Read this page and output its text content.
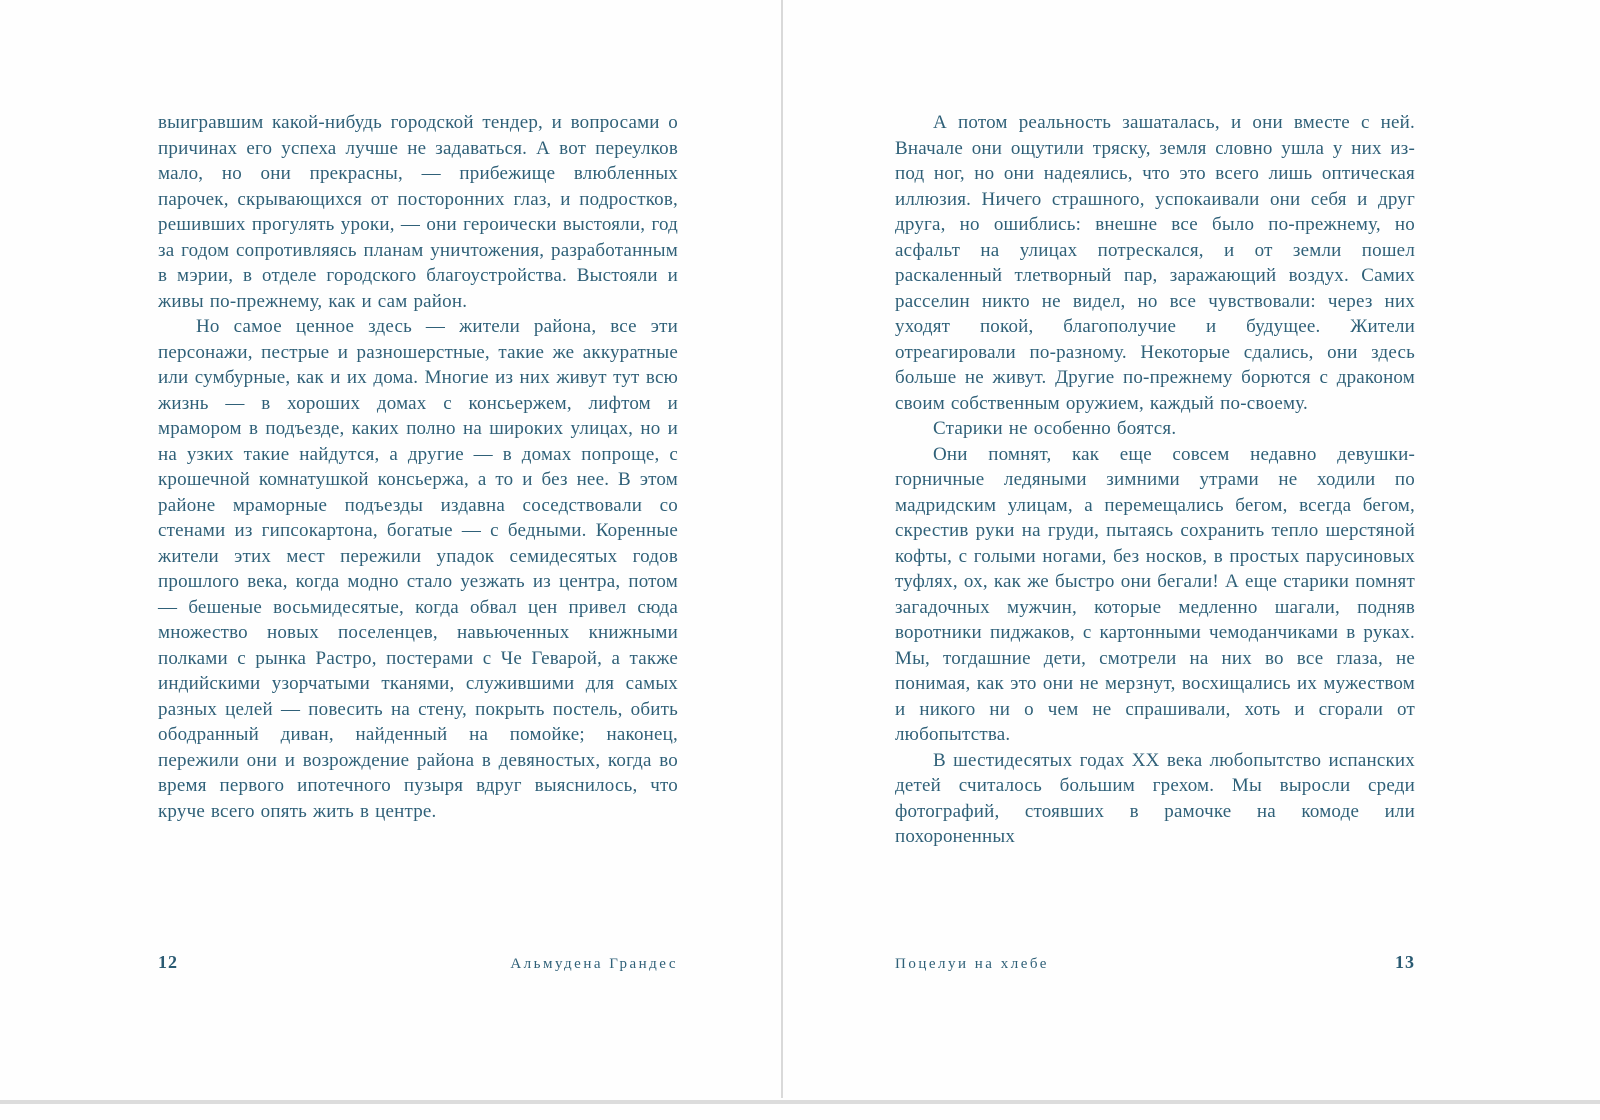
выигравшим какой-нибудь городской тендер, и вопросами о причинах его успеха лучше не задаваться. А вот переулков мало, но они прекрасны, — прибежище влюбленных парочек, скрывающихся от посторонних глаз, и подростков, решивших прогулять уроки, — они героически выстояли, год за годом сопротивляясь планам уничтожения, разработанным в мэрии, в отделе городского благоустройства. Выстояли и живы по-прежнему, как и сам район.

Но самое ценное здесь — жители района, все эти персонажи, пестрые и разношерстные, такие же аккуратные или сумбурные, как и их дома. Многие из них живут тут всю жизнь — в хороших домах с консьержем, лифтом и мрамором в подъезде, каких полно на широких улицах, но и на узких такие найдутся, а другие — в домах попроще, с крошечной комнатушкой консьержа, а то и без нее. В этом районе мраморные подъезды издавна соседствовали со стенами из гипсокартона, богатые — с бедными. Коренные жители этих мест пережили упадок семидесятых годов прошлого века, когда модно стало уезжать из центра, потом — бешеные восьмидесятые, когда обвал цен привел сюда множество новых поселенцев, навьюченных книжными полками с рынка Растро, постерами с Че Геварой, а также индийскими узорчатыми тканями, служившими для самых разных целей — повесить на стену, покрыть постель, обить ободранный диван, найденный на помойке; наконец, пережили они и возрождение района в девяностых, когда во время первого ипотечного пузыря вдруг выяснилось, что круче всего опять жить в центре.

А потом реальность зашаталась, и они вместе с ней. Вначале они ощутили тряску, земля словно ушла у них из-под ног, но они надеялись, что это всего лишь оптическая иллюзия. Ничего страшного, успокаивали они себя и друг друга, но ошиблись: внешне все было по-прежнему, но асфальт на улицах потрескался, и от земли пошел раскаленный тлетворный пар, заражающий воздух. Самих расселин никто не видел, но все чувствовали: через них уходят покой, благополучие и будущее. Жители отреагировали по-разному. Некоторые сдались, они здесь больше не живут. Другие по-прежнему борются с драконом своим собственным оружием, каждый по-своему.

Старики не особенно боятся.

Они помнят, как еще совсем недавно девушки-горничные ледяными зимними утрами не ходили по мадридским улицам, а перемещались бегом, всегда бегом, скрестив руки на груди, пытаясь сохранить тепло шерстяной кофты, с голыми ногами, без носков, в простых парусиновых туфлях, ох, как же быстро они бегали! А еще старики помнят загадочных мужчин, которые медленно шагали, подняв воротники пиджаков, с картонными чемоданчиками в руках. Мы, тогдашние дети, смотрели на них во все глаза, не понимая, как это они не мерзнут, восхищались их мужеством и никого ни о чем не спрашивали, хоть и сгорали от любопытства.

В шестидесятых годах XX века любопытство испанских детей считалось большим грехом. Мы выросли среди фотографий, стоявших в рамочке на комоде или похороненных

12	Альмудена Грандес	Поцелуи на хлебе	13
